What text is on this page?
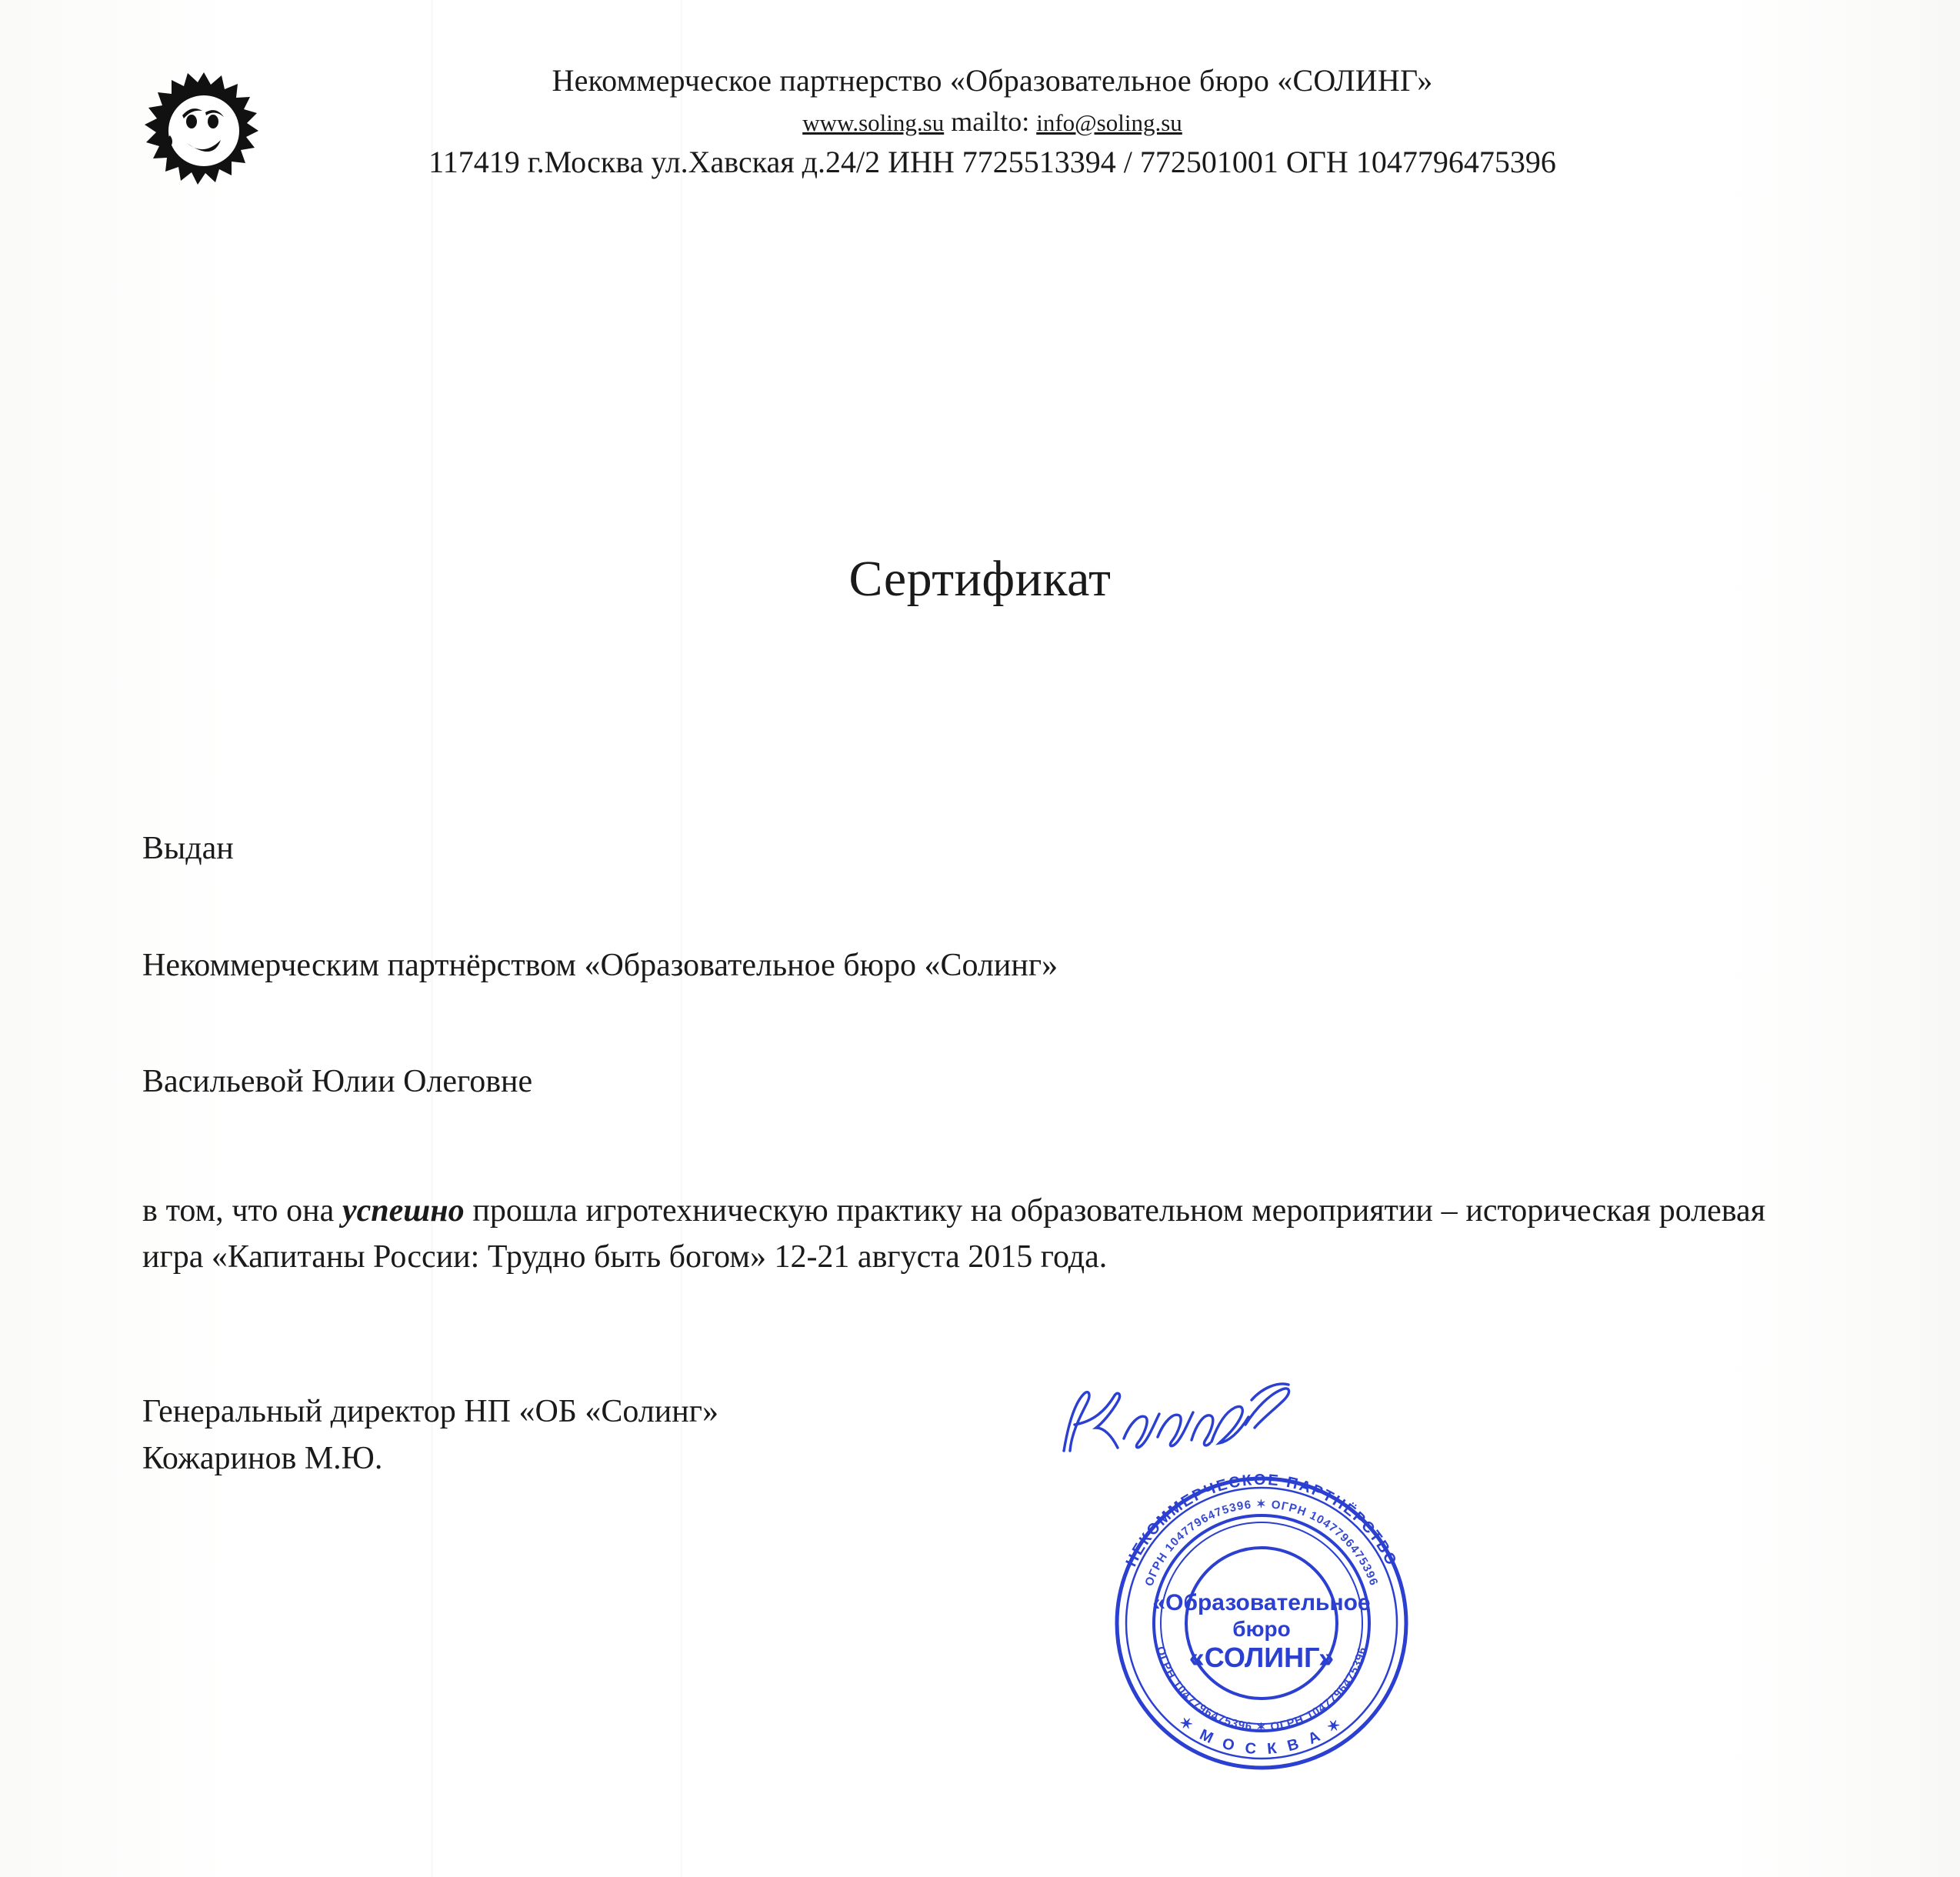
Некоммерческое партнерство «Образовательное бюро «СОЛИНГ»
www.soling.su mailto: info@soling.su
117419 г.Москва ул.Хавская д.24/2 ИНН 7725513394 / 772501001 ОГН 1047796475396
Сертификат

Выдан

Некоммерческим партнёрством «Образовательное бюро «Солинг»

Васильевой Юлии Олеговне

в том, что она успешно прошла игротехническую практику на образовательном мероприятии – историческая ролевая игра «Капитаны России: Трудно быть богом» 12-21 августа 2015 года.

Генеральный директор НП «ОБ «Солинг»
Кожаринов М.Ю.
НЕКОММЕРЧЕСКОЕ ПАРТНЁРСТВО
✶ М О С К В А ✶
ОГРН 1047796475396 ✶ ОГРН 1047796475396
ОГРН 1047796475396 ✶ ОГРН 1047796475396
«Образовательное
бюро
«СОЛИНГ»
